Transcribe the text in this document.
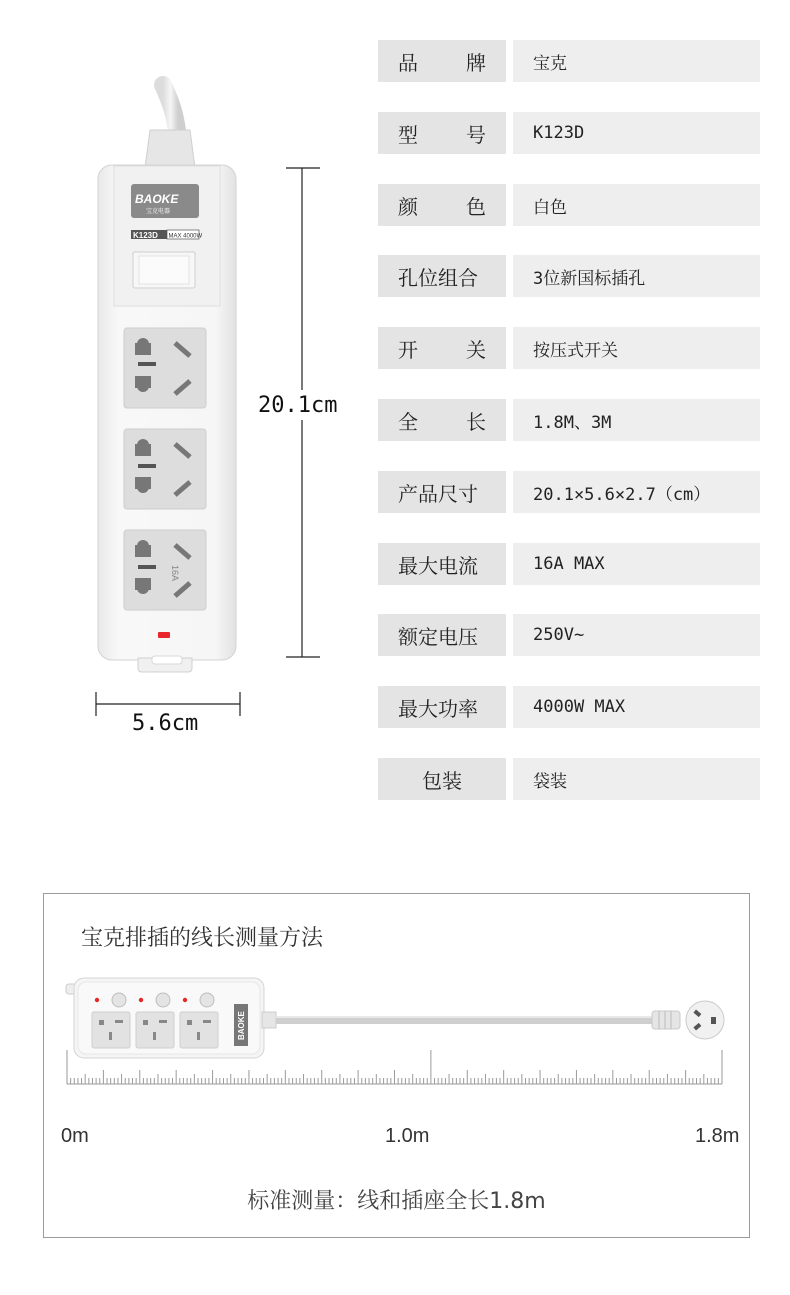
BAOKE
宝克电器
K123D MAX 4000W
16A
20.1cm
5.6cm
品 牌	宝克
型 号	K123D
颜 色	白色
孔位组合	3位新国标插孔
开 关	按压式开关
全 长	1.8M、3M
产品尺寸	20.1×5.6×2.7（cm）
最大电流	16A MAX
额定电压	250V~
最大功率	4000W MAX
包装	袋装
宝克排插的线长测量方法
BAOKE
0m	1.0m	1.8m
标准测量：线和插座全长1.8m
